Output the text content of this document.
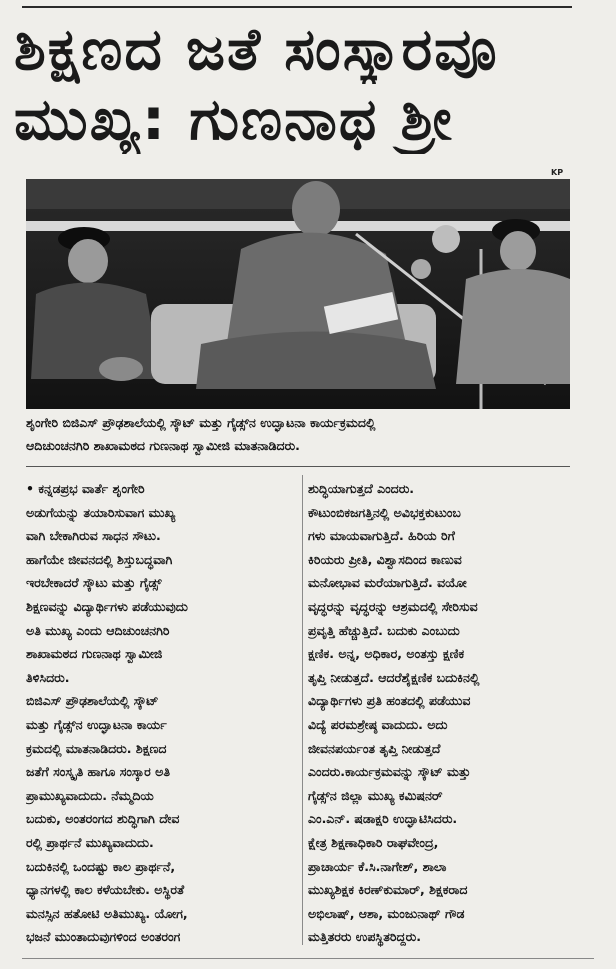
ಶಿಕ್ಷಣದ ಜತೆ ಸಂಸ್ಕಾರವೂ
ಮುಖ್ಯ: ಗುಣನಾಥ ಶ್ರೀ
KP
ಶೃಂಗೇರಿ ಬಿಜಿಎಸ್ ಪ್ರೌಢಶಾಲೆಯಲ್ಲಿ ಸ್ಕೌಟ್ ಮತ್ತು ಗೈಡ್ಸ್‌ನ ಉದ್ಘಾಟನಾ ಕಾರ್ಯಕ್ರಮದಲ್ಲಿ
ಆದಿಚುಂಚನಗಿರಿ ಶಾಖಾಮಠದ ಗುಣನಾಥ ಸ್ವಾಮೀಜಿ ಮಾತನಾಡಿದರು.

• ಕನ್ನಡಪ್ರಭ ವಾರ್ತೆ ಶೃಂಗೇರಿ

ಅಡುಗೆಯನ್ನು ತಯಾರಿಸುವಾಗ ಮುಖ್ಯ

ವಾಗಿ ಬೇಕಾಗಿರುವ ಸಾಧನ ಸೌಟು.

ಹಾಗೆಯೇ ಜೀವನದಲ್ಲಿ ಶಿಸ್ತುಬದ್ಧವಾಗಿ

ಇರಬೇಕಾದರೆ ಸ್ಕೌಟು ಮತ್ತು ಗೈಡ್ಸ್

ಶಿಕ್ಷಣವನ್ನು ವಿದ್ಯಾರ್ಥಿಗಳು ಪಡೆಯುವುದು

ಅತಿ ಮುಖ್ಯ ಎಂದು ಆದಿಚುಂಚನಗಿರಿ

ಶಾಖಾಮಠದ ಗುಣನಾಥ ಸ್ವಾಮೀಜಿ

ತಿಳಿಸಿದರು.

ಬಿಜಿಎಸ್ ಪ್ರೌಢಶಾಲೆಯಲ್ಲಿ ಸ್ಕೌಟ್

ಮತ್ತು ಗೈಡ್ಸ್‌ನ ಉದ್ಘಾಟನಾ ಕಾರ್ಯ

ಕ್ರಮದಲ್ಲಿ ಮಾತನಾಡಿದರು. ಶಿಕ್ಷಣದ

ಜತೆಗೆ ಸಂಸ್ಕೃತಿ ಹಾಗೂ ಸಂಸ್ಕಾರ ಅತಿ

ಪ್ರಾಮುಖ್ಯವಾದುದು. ನೆಮ್ಮದಿಯ

ಬದುಕು, ಅಂತರಂಗದ ಶುದ್ಧಿಗಾಗಿ ದೇವ

ರಲ್ಲಿ ಪ್ರಾರ್ಥನೆ ಮುಖ್ಯವಾದುದು.

ಬದುಕಿನಲ್ಲಿ ಒಂದಷ್ಟು ಕಾಲ ಪ್ರಾರ್ಥನೆ,

ಧ್ಯಾನಗಳಲ್ಲಿ ಕಾಲ ಕಳೆಯಬೇಕು. ಅಸ್ಥಿರತೆ

ಮನಸ್ಸಿನ ಹತೋಟಿ ಅತಿಮುಖ್ಯ. ಯೋಗ,

ಭಜನೆ ಮುಂತಾದುವುಗಳಿಂದ ಅಂತರಂಗ

ಶುದ್ಧಿಯಾಗುತ್ತದೆ ಎಂದರು.

ಕೌಟುಂಬಿಕಜಗತ್ತಿನಲ್ಲಿ ಅವಿಭಕ್ತಕುಟುಂಬ

ಗಳು ಮಾಯವಾಗುತ್ತಿದೆ. ಹಿರಿಯ ರಿಗೆ

ಕಿರಿಯರು ಪ್ರೀತಿ, ವಿಶ್ವಾಸದಿಂದ ಕಾಣುವ

ಮನೋಭಾವ ಮರೆಯಾಗುತ್ತಿದೆ. ವಯೋ

ವೃದ್ಧರನ್ನು ವೃದ್ಧರನ್ನು ಆಶ್ರಮದಲ್ಲಿ ಸೇರಿಸುವ

ಪ್ರವೃತ್ತಿ ಹೆಚ್ಚುತ್ತಿದೆ. ಬದುಕು ಎಂಬುದು

ಕ್ಷಣಿಕ. ಅನ್ನ, ಅಧಿಕಾರ, ಅಂತಸ್ತು ಕ್ಷಣಿಕ

ತೃಪ್ತಿ ನೀಡುತ್ತದೆ. ಆದರೆಶೈಕ್ಷಣಿಕ ಬದುಕಿನಲ್ಲಿ

ವಿದ್ಯಾರ್ಥಿಗಳು ಪ್ರತಿ ಹಂತದಲ್ಲಿ ಪಡೆಯುವ

ವಿದ್ಯೆ ಪರಮಶ್ರೇಷ್ಠ ವಾದುದು. ಅದು

ಜೀವನಪರ್ಯಂತ ತೃಪ್ತಿ ನೀಡುತ್ತದೆ

ಎಂದರು.ಕಾರ್ಯಕ್ರಮವನ್ನು ಸ್ಕೌಟ್ ಮತ್ತು

ಗೈಡ್ಸ್‌ನ ಜಿಲ್ಲಾ ಮುಖ್ಯ ಕಮಿಷನರ್

ಎಂ.ಎನ್. ಷಡಾಕ್ಷರಿ ಉದ್ಘಾಟಿಸಿದರು.

ಕ್ಷೇತ್ರ ಶಿಕ್ಷಣಾಧಿಕಾರಿ ರಾಘವೇಂದ್ರ,

ಪ್ರಾಚಾರ್ಯ ಕೆ.ಸಿ.ನಾಗೇಶ್, ಶಾಲಾ

ಮುಖ್ಯಶಿಕ್ಷಕ ಕಿರಣ್‌ಕುಮಾರ್, ಶಿಕ್ಷಕರಾದ

ಅಭಿಲಾಷ್, ಆಶಾ, ಮಂಜುನಾಥ್ ಗೌಡ

ಮತ್ತಿತರರು ಉಪಸ್ಥಿತರಿದ್ದರು.
